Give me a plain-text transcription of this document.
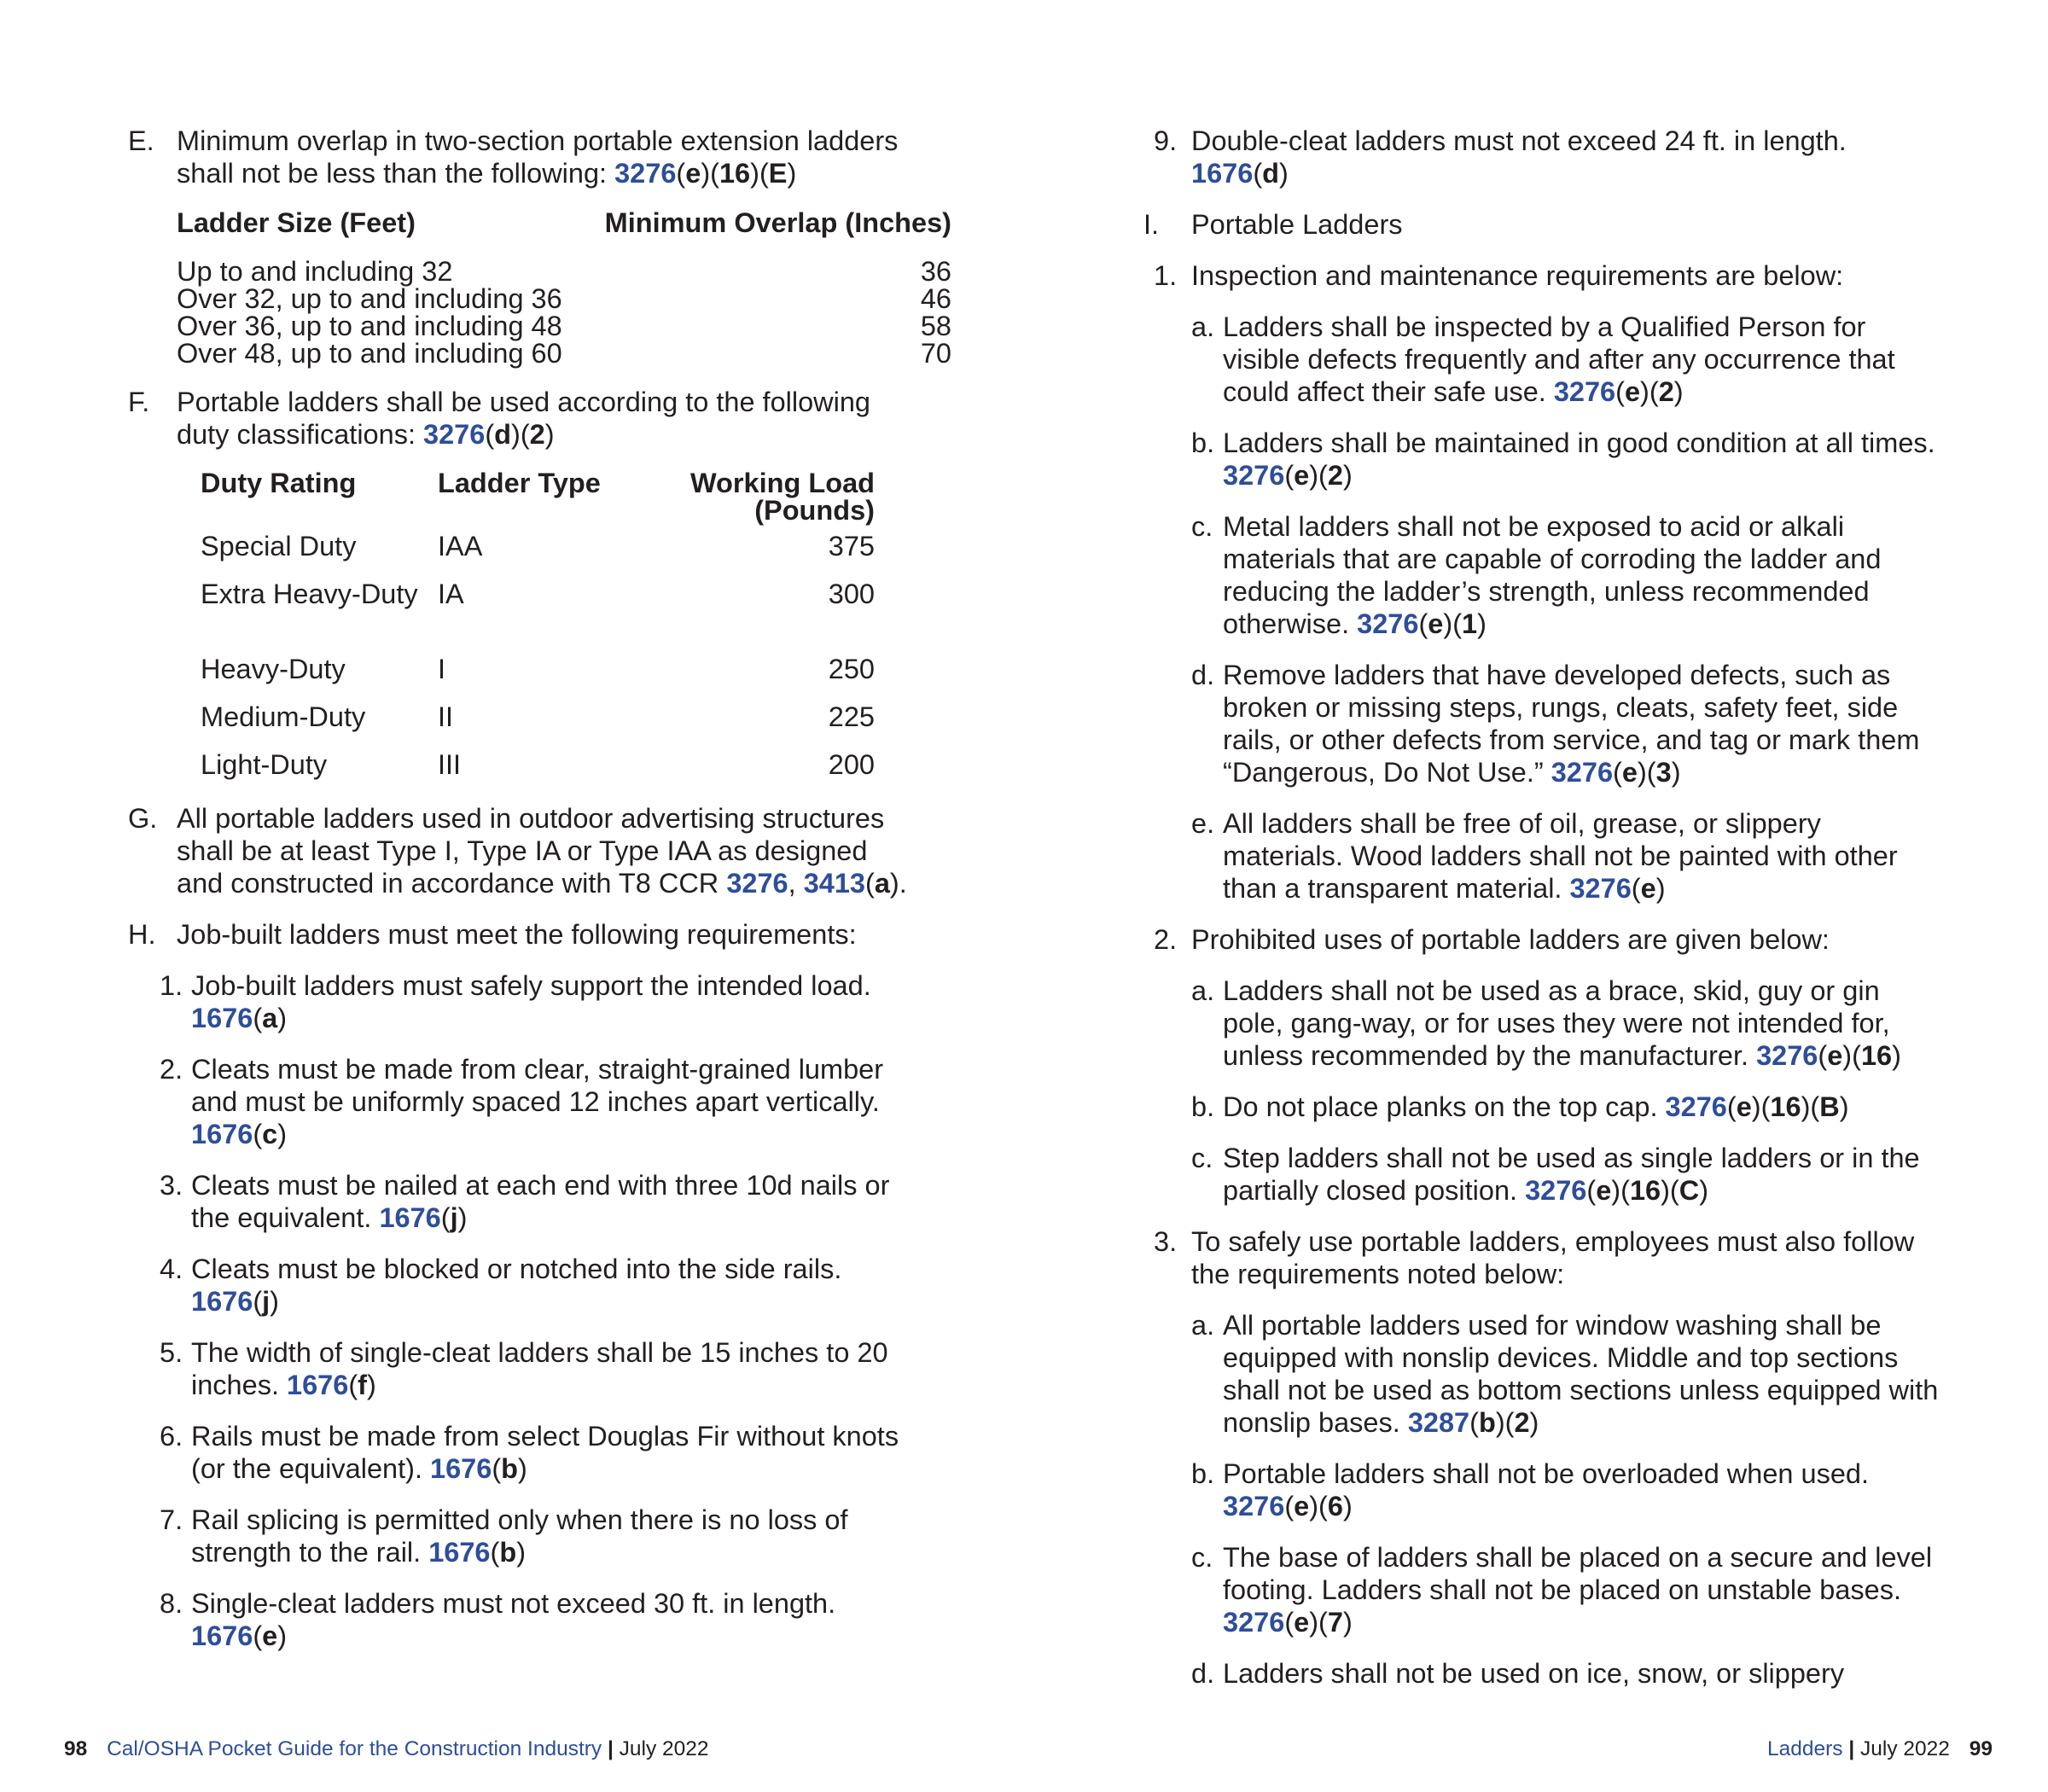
E. Minimum overlap in two-section portable extension ladders shall not be less than the following: 3276(e)(16)(E)
Ladder Size (Feet)	Minimum Overlap (Inches)
Up to and including 32	36
Over 32, up to and including 36	46
Over 36, up to and including 48	58
Over 48, up to and including 60	70
F. Portable ladders shall be used according to the following duty classifications: 3276(d)(2)
Duty Rating	Ladder Type	Working Load (Pounds)
Special Duty	IAA	375
Extra Heavy-Duty	IA	300
Heavy-Duty	I	250
Medium-Duty	II	225
Light-Duty	III	200
G. All portable ladders used in outdoor advertising structures shall be at least Type I, Type IA or Type IAA as designed and constructed in accordance with T8 CCR 3276, 3413(a).
H. Job-built ladders must meet the following requirements:
1. Job-built ladders must safely support the intended load. 1676(a)
2. Cleats must be made from clear, straight-grained lumber and must be uniformly spaced 12 inches apart vertically. 1676(c)
3. Cleats must be nailed at each end with three 10d nails or the equivalent. 1676(j)
4. Cleats must be blocked or notched into the side rails. 1676(j)
5. The width of single-cleat ladders shall be 15 inches to 20 inches. 1676(f)
6. Rails must be made from select Douglas Fir without knots (or the equivalent). 1676(b)
7. Rail splicing is permitted only when there is no loss of strength to the rail. 1676(b)
8. Single-cleat ladders must not exceed 30 ft. in length. 1676(e)
9. Double-cleat ladders must not exceed 24 ft. in length. 1676(d)
I.	Portable Ladders
1. Inspection and maintenance requirements are below:
a. Ladders shall be inspected by a Qualified Person for visible defects frequently and after any occurrence that could affect their safe use. 3276(e)(2)
b. Ladders shall be maintained in good condition at all times. 3276(e)(2)
c. Metal ladders shall not be exposed to acid or alkali materials that are capable of corroding the ladder and reducing the ladder’s strength, unless recommended otherwise. 3276(e)(1)
d. Remove ladders that have developed defects, such as broken or missing steps, rungs, cleats, safety feet, side rails, or other defects from service, and tag or mark them “Dangerous, Do Not Use.” 3276(e)(3)
e. All ladders shall be free of oil, grease, or slippery materials. Wood ladders shall not be painted with other than a transparent material. 3276(e)
2. Prohibited uses of portable ladders are given below:
a. Ladders shall not be used as a brace, skid, guy or gin pole, gang-way, or for uses they were not intended for, unless recommended by the manufacturer. 3276(e)(16)
b. Do not place planks on the top cap. 3276(e)(16)(B)
c. Step ladders shall not be used as single ladders or in the partially closed position. 3276(e)(16)(C)
3. To safely use portable ladders, employees must also follow the requirements noted below:
a. All portable ladders used for window washing shall be equipped with nonslip devices. Middle and top sections shall not be used as bottom sections unless equipped with nonslip bases. 3287(b)(2)
b. Portable ladders shall not be overloaded when used. 3276(e)(6)
c. The base of ladders shall be placed on a secure and level footing. Ladders shall not be placed on unstable bases. 3276(e)(7)
d. Ladders shall not be used on ice, snow, or slippery
98 Cal/OSHA Pocket Guide for the Construction Industry | July 2022	Ladders | July 2022 99
